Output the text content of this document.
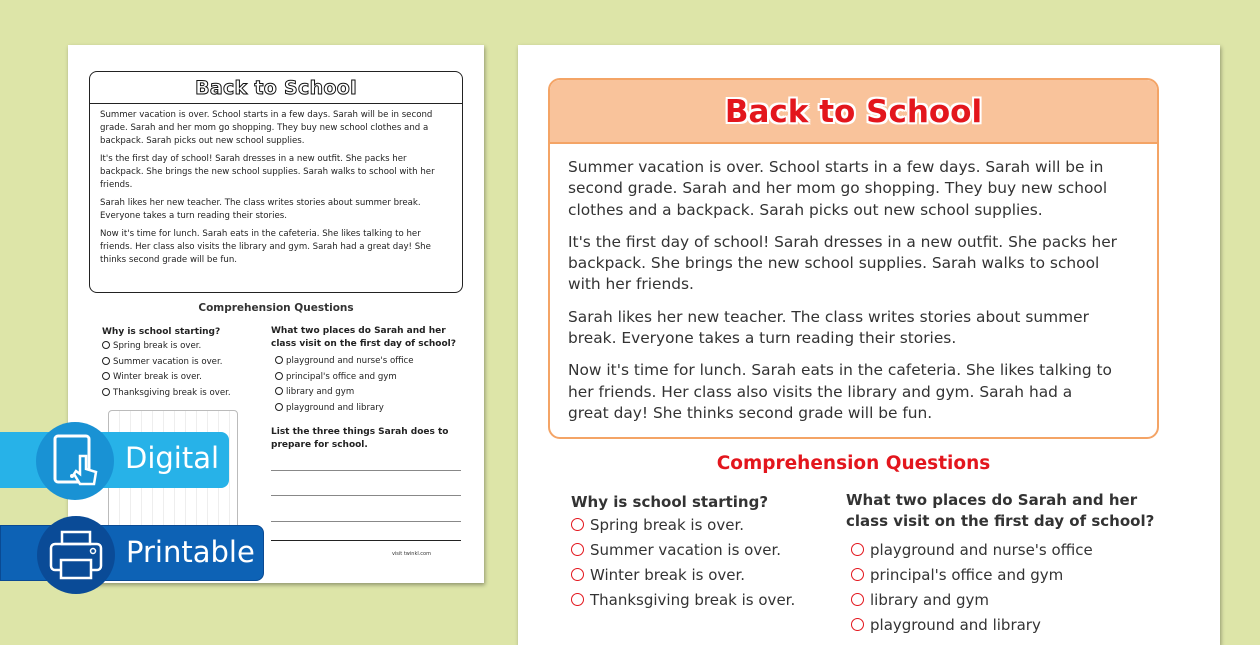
Back to School

Summer vacation is over. School starts in a few days. Sarah will be in second grade. Sarah and her mom go shopping. They buy new school clothes and a backpack. Sarah picks out new school supplies.

It's the first day of school! Sarah dresses in a new outfit. She packs her backpack. She brings the new school supplies. Sarah walks to school with her friends.

Sarah likes her new teacher. The class writes stories about summer break. Everyone takes a turn reading their stories.

Now it's time for lunch. Sarah eats in the cafeteria. She likes talking to her friends. Her class also visits the library and gym. Sarah had a great day! She thinks second grade will be fun.

Comprehension Questions
Why is school starting?
Spring break is over.
Summer vacation is over.
Winter break is over.
Thanksgiving break is over.
What two places do Sarah and her class visit on the first day of school?
playground and nurse's office
principal's office and gym
library and gym
playground and library
List the three things Sarah does to prepare for school.
visit twinkl.com
Back to School

Summer vacation is over. School starts in a few days. Sarah will be in second grade. Sarah and her mom go shopping. They buy new school clothes and a backpack. Sarah picks out new school supplies.

It's the first day of school! Sarah dresses in a new outfit. She packs her backpack. She brings the new school supplies. Sarah walks to school with her friends.

Sarah likes her new teacher. The class writes stories about summer break. Everyone takes a turn reading their stories.

Now it's time for lunch. Sarah eats in the cafeteria. She likes talking to her friends. Her class also visits the library and gym. Sarah had a great day! She thinks second grade will be fun.

Comprehension Questions
Why is school starting?
Spring break is over.
Summer vacation is over.
Winter break is over.
Thanksgiving break is over.
What two places do Sarah and her class visit on the first day of school?
playground and nurse's office
principal's office and gym
library and gym
playground and library
Digital
Printable
